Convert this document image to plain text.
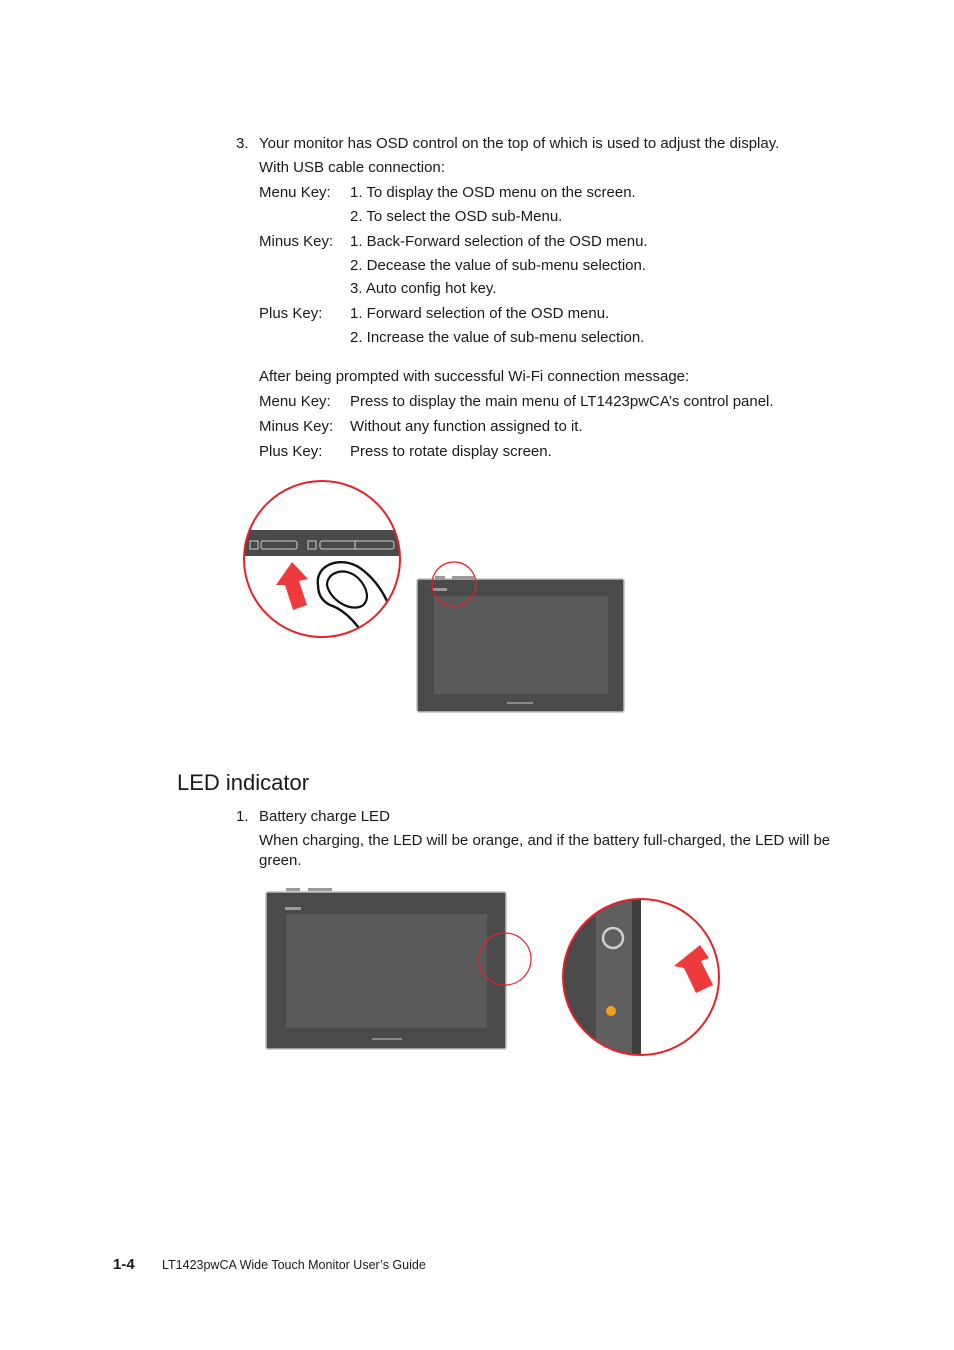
3. Your monitor has OSD control on the top of which is used to adjust the display.
With USB cable connection:
Menu Key: 1. To display the OSD menu on the screen.
2. To select the OSD sub-Menu.
Minus Key: 1. Back-Forward selection of the OSD menu.
2. Decease the value of sub-menu selection.
3. Auto config hot key.
Plus Key: 1. Forward selection of the OSD menu.
2. Increase the value of sub-menu selection.
After being prompted with successful Wi-Fi connection message:
Menu Key: Press to display the main menu of LT1423pwCA’s control panel.
Minus Key: Without any function assigned to it.
Plus Key: Press to rotate display screen.
LED indicator
1. Battery charge LED
When charging, the LED will be orange, and if the battery full-charged, the LED will be green.
1-4 LT1423pwCA Wide Touch Monitor User’s Guide
